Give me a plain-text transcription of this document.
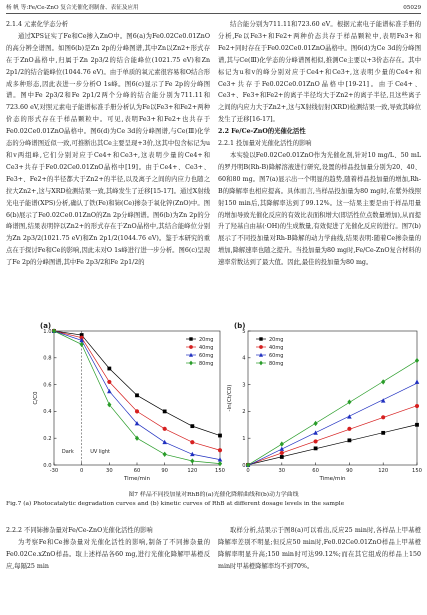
杨 帆 等:Fe/Ce-ZnO 复合光催化剂制备、表征及应用	05029

2.1.4 元素化学态分析

通过XPS证实了Fe和Ce掺入ZnO中。图6(a)为Fe0.02Ce0.01ZnO的高分辨全谱图。如图6(b)是Zn 2p的分峰图谱,其中Zn以Zn2+形式存在于ZnO晶格中,归属于Zn 2p3/2的结合能峰位(1021.75 eV)和Zn 2p1/2的结合能峰位(1044.76 eV)。由于单质的氧元素很容易和O结合形成多种形态,因此表进一步分析O 1s峰。图6(c)显示了Fe 2p的分峰图谱。图中Fe 2p3/2和Fe 2p1/2两个分峰的结合能分别为711.11和723.60 eV,对照元素电子能谱标准手册分析认为Fe以Fe3+和Fe2+两种价态的形式存在于样品颗粒中。可见,表明Fe3+和Fe2+也共存于Fe0.02Ce0.01ZnO晶格中。图6(d)为Ce 3d的分峰图谱,与Ce(Ⅲ)化学态的分峰谱图近似一致,可推断出其Ce主要呈现+3价,这其中包含标记为u和v两组峰,它们分别对应于Ce4+和Ce3+,这表明少量的Ce4+和Ce3+共存于Fe0.02Ce0.01ZnO晶格中[19]。由于Ce4+、Ce3+、Fe3+、Fe2+的半径都大于Zn2+的半径,以及离子之间的内应力也随之拉大Zn2+,这与XRD检测结果一致,其峰发生了迁移[15-17]。通过X射线光电子能谱(XPS)分析,确认了铁(Fe)和铈(Ce)掺杂于氧化锌(ZnO)中。图6(b)展示了Fe0.02Ce0.01ZnO的Zn 2p分峰图谱。图6(b)为Zn 2p的分峰谱图,结果表明锌以Zn2+的形式存在于ZnO晶格中,其结合能峰位分别为Zn 2p3/2(1021.75 eV)和Zn 2p1/2(1044.76 eV)。鉴于本研究的重点在于探讨Fe和Ce的影响,因此未对O 1s峰进行进一步分析。图6(c)呈现了Fe 2p的分峰图谱,其中Fe 2p3/2和Fe 2p1/2的

结合能分别为711.11和723.60 eV。根据元素电子能谱标准手册的分析,Fe以Fe3+和Fe2+两种价态共存于样品颗粒中,表明Fe3+和Fe2+同时存在于Fe0.02Ce0.01ZnO晶格中。图6(d)为Ce 3d的分峰图谱,其与Ce(Ⅲ)化学态的分峰谱图相似,推测Ce主要以+3价态存在。其中标记为u和v的峰分别对应于Ce4+和Ce3+,这表明少量的Ce4+和Ce3+共存于Fe0.02Ce0.01ZnO晶格中[19-21]。由于Ce4+、Ce3+、Fe3+和Fe2+的离子半径均大于Zn2+的离子半径,且这些离子之间的内应力大于Zn2+,这与X射线衍射(XRD)检测结果一致,导致其峰位发生了迁移[16-17]。

2.2 Fe/Ce-ZnO的光催化活性

2.2.1 投加量对光催化活性的影响

本实验以Fe0.02Ce0.01ZnO作为光催化剂,针对10 mg/L、50 mL的罗丹明B(Rh-B)降解溶液进行研究,设置的样品投加量分别为20、40、60和80 mg。图7(a)显示出一个明显的趋势,随着样品投加量的增加,Rh-B的降解率也相应提高。具体而言,当样品投加量为80 mg时,在紫外线照射150 min后,其降解率达到了99.12%。这一结果主要是由于样品用量的增加导致光催化反应的有效比表面积增大(即活性位点数量增加),从而提升了羟基自由基(·OH)的生成数量,有效促进了光催化反应的进行。图7(b)展示了不同投加量对Rh-B降解的动力学曲线,结果表明:随着Ce掺杂量的增加,降解速率也随之提升。当投加量为80 mg时,Fe/Ce-ZnO复合材料的速率常数达到了最大值。因此,最佳的投加量为80 mg。

-30	0	30	60	90	120	150
0.0
0.2
0.4
0.6
0.8
1.0
Time/min
C/C0
(a)
Dark	UV light
20mg
40mg
60mg
80mg
0	30	60	90	120	150
0
1
2
3
4
5
Time/min
-ln(Ct/C0)
(b)
20mg
40mg
60mg
80mg
图7 样品不同投加量对RhB的(a)光催化降解曲线和(b)动力学曲线
Fig.7 (a) Photocatalytic degradation curves and (b) kinetic curves of RhB at different dosage levels in the sample

2.2.2 不同铈掺杂量对Fe/Ce-ZnO光催化活性的影响

为考察Fe和Ce掺杂量对光催化活性的影响,制备了不同掺杂量的Fe0.02Ce.xZnO样品。取上述样品各60 mg,进行光催化降解甲基橙反应,每隔25 min

取样分析,结果示于图8(a)可以看出,反应25 min时,各样品上甲基橙降解率差别不明显;但反应50 min时,Fe0.02Ce0.01ZnO样品上甲基橙降解率明显升高;150 min时可达99.12%;而在其它组成的样品上150 min时甲基橙降解率均不到70%。
